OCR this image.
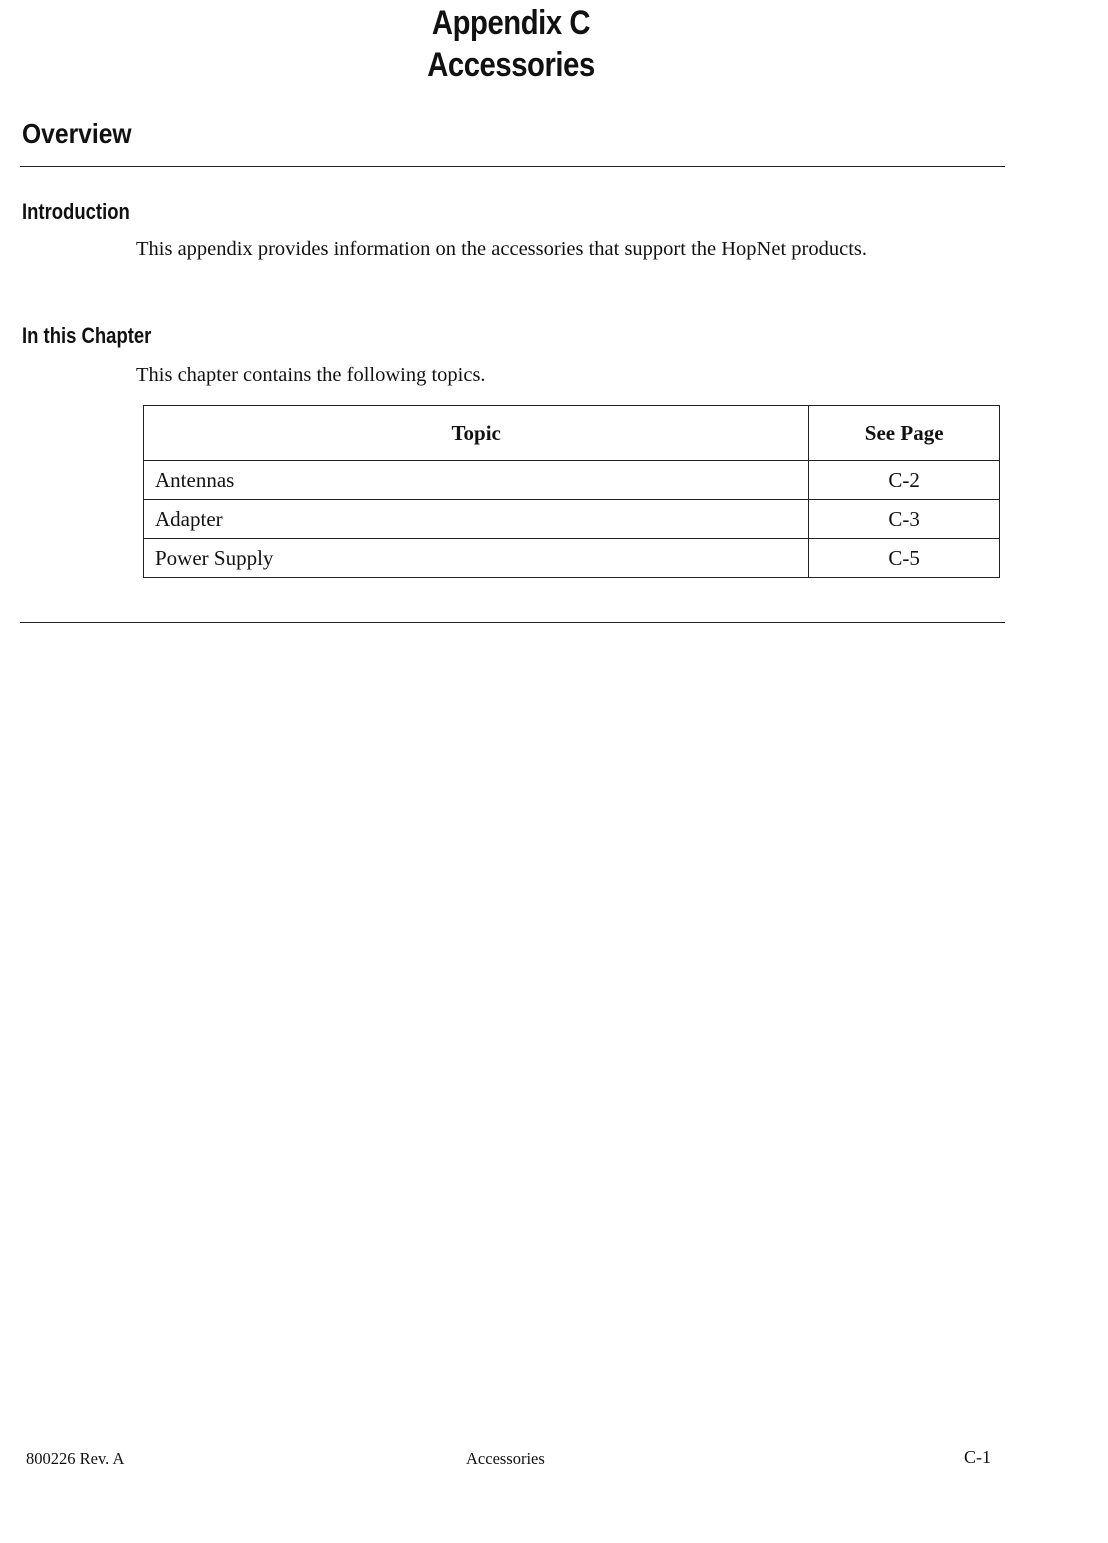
Appendix C
Accessories
Overview
Introduction
This appendix provides information on the accessories that support the HopNet products.
In this Chapter
This chapter contains the following topics.
Topic	See Page
Antennas	C-2
Adapter	C-3
Power Supply	C-5
800226 Rev. A	Accessories	C-1
